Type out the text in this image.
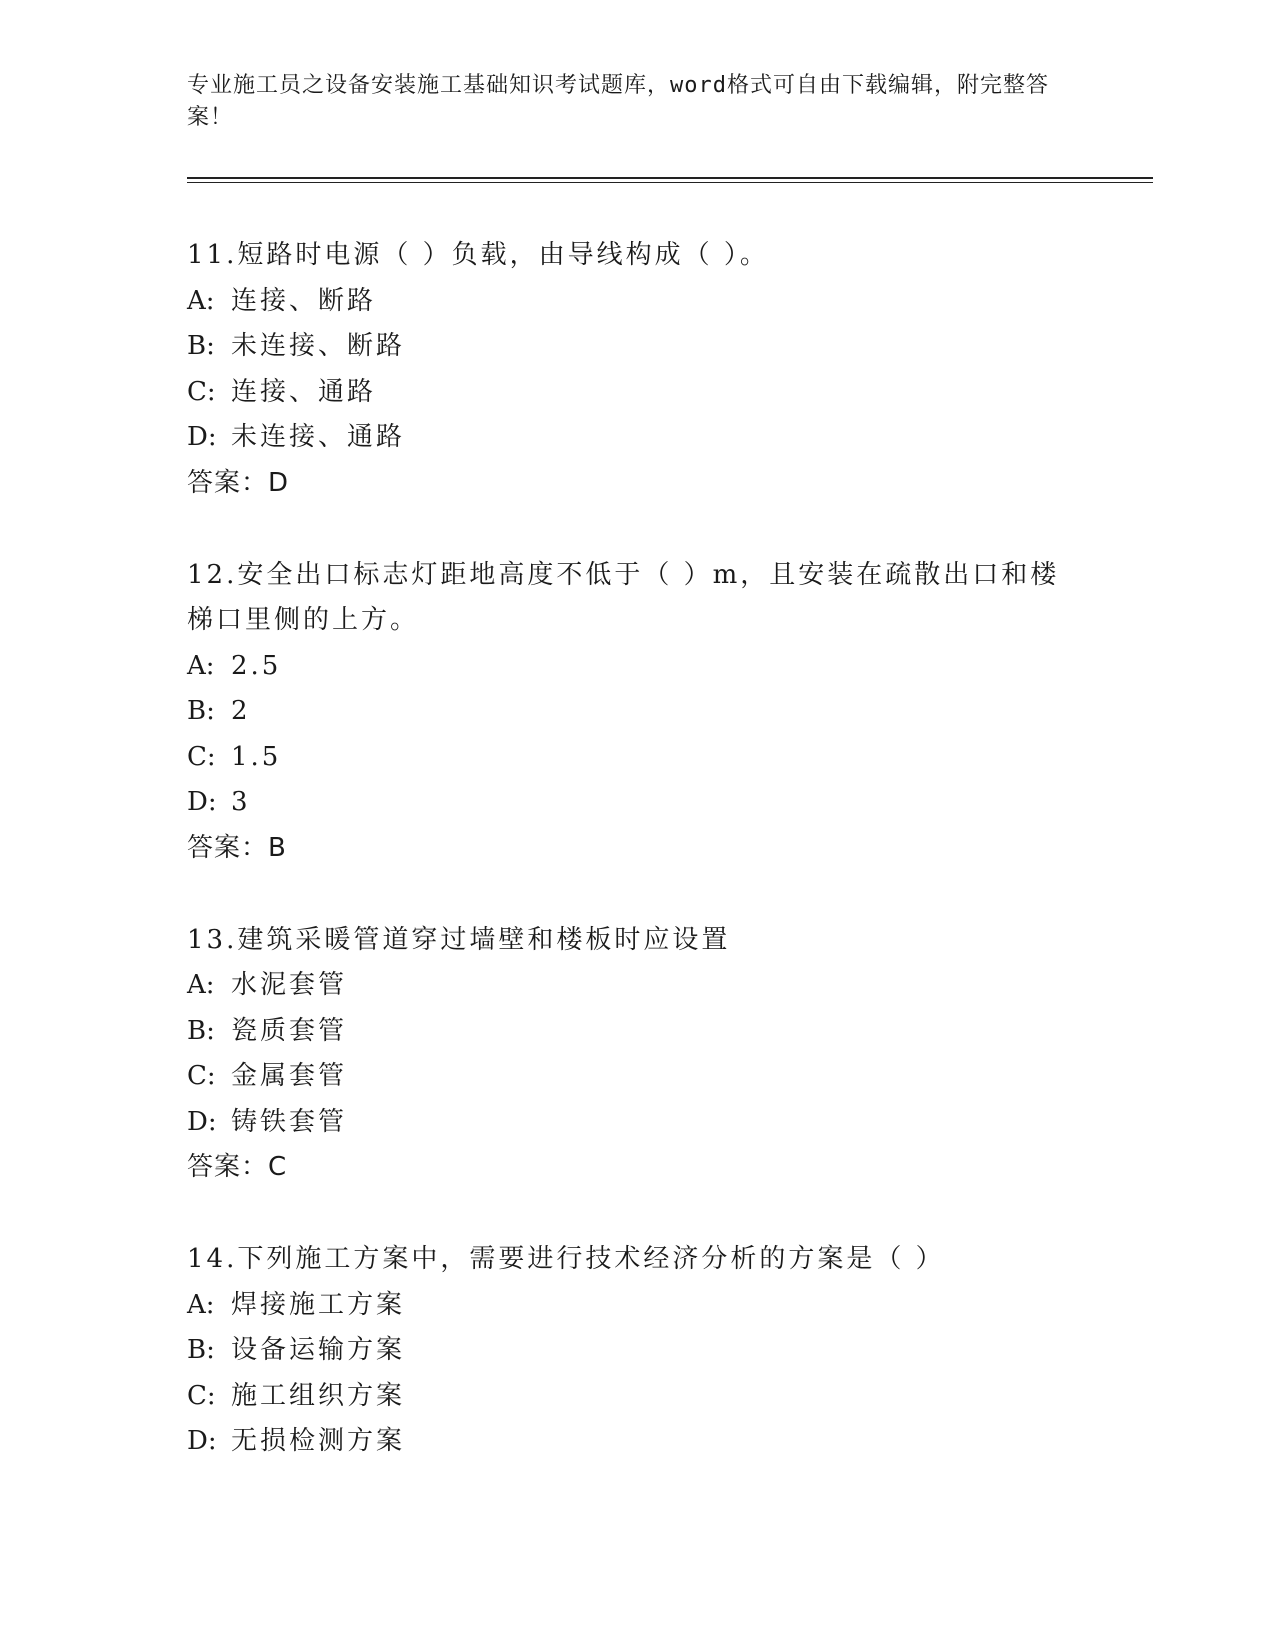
专业施工员之设备安装施工基础知识考试题库，word格式可自由下载编辑，附完整答案！
11.短路时电源（ ）负载，由导线构成（ ）。
A: 连接、断路
B: 未连接、断路
C: 连接、通路
D: 未连接、通路
答案：D
12.安全出口标志灯距地高度不低于（ ）m，且安装在疏散出口和楼梯口里侧的上方。
A: 2.5
B: 2
C: 1.5
D: 3
答案：B
13.建筑采暖管道穿过墙壁和楼板时应设置
A: 水泥套管
B: 瓷质套管
C: 金属套管
D: 铸铁套管
答案：C
14.下列施工方案中，需要进行技术经济分析的方案是（ ）
A: 焊接施工方案
B: 设备运输方案
C: 施工组织方案
D: 无损检测方案
